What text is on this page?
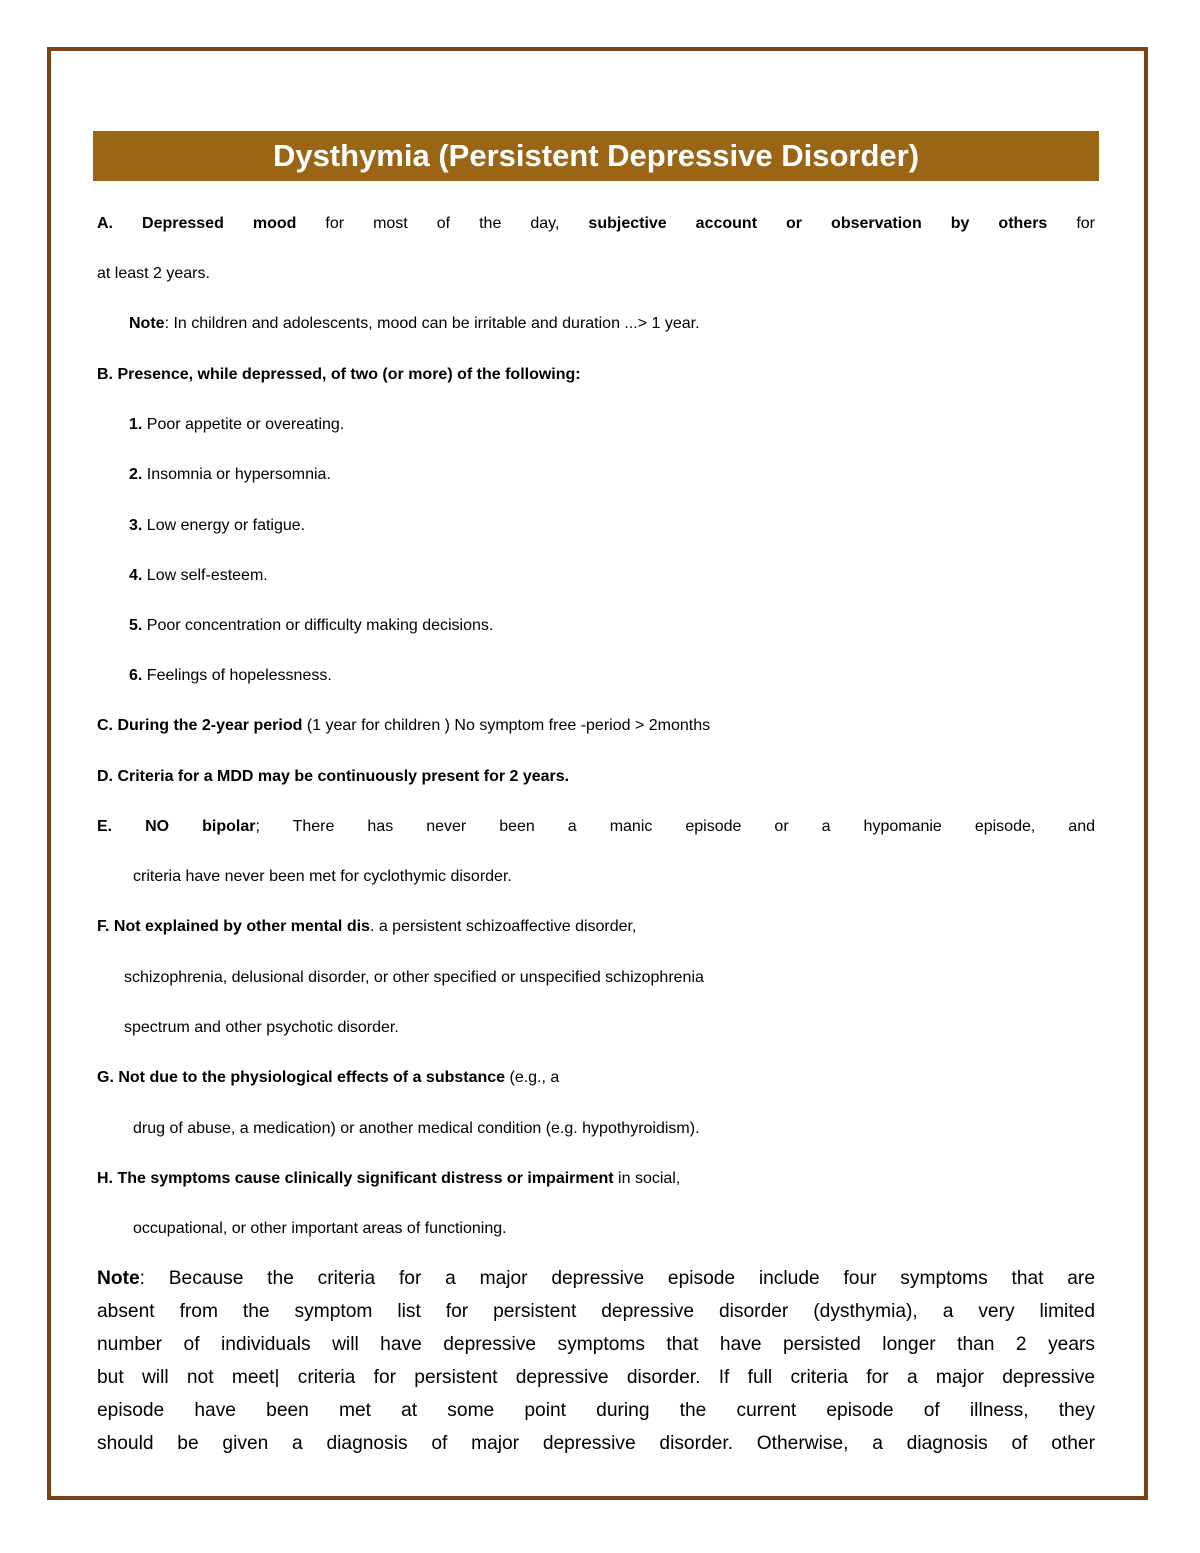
Dysthymia (Persistent Depressive Disorder)
A. Depressed mood for most of the day, subjective account or observation by others for
at least 2 years.
Note: In children and adolescents, mood can be irritable and duration ...> 1 year.
B. Presence, while depressed, of two (or more) of the following:
1. Poor appetite or overeating.
2. Insomnia or hypersomnia.
3. Low energy or fatigue.
4. Low self-esteem.
5. Poor concentration or difficulty making decisions.
6. Feelings of hopelessness.
C. During the 2-year period (1 year for children ) No symptom free -period > 2months
D. Criteria for a MDD may be continuously present for 2 years.
E. NO bipolar; There has never been a manic episode or a hypomanie episode, and
criteria have never been met for cyclothymic disorder.
F. Not explained by other mental dis. a persistent schizoaffective disorder,
schizophrenia, delusional disorder, or other specified or unspecified schizophrenia
spectrum and other psychotic disorder.
G. Not due to the physiological effects of a substance (e.g., a
drug of abuse, a medication) or another medical condition (e.g. hypothyroidism).
H. The symptoms cause clinically significant distress or impairment in social,
occupational, or other important areas of functioning.
Note: Because the criteria for a major depressive episode include four symptoms that are
absent from the symptom list for persistent depressive disorder (dysthymia), a very limited
number of individuals will have depressive symptoms that have persisted longer than 2 years
but will not meet| criteria for persistent depressive disorder. If full criteria for a major depressive
episode have been met at some point during the current episode of illness, they
should be given a diagnosis of major depressive disorder. Otherwise, a diagnosis of other
